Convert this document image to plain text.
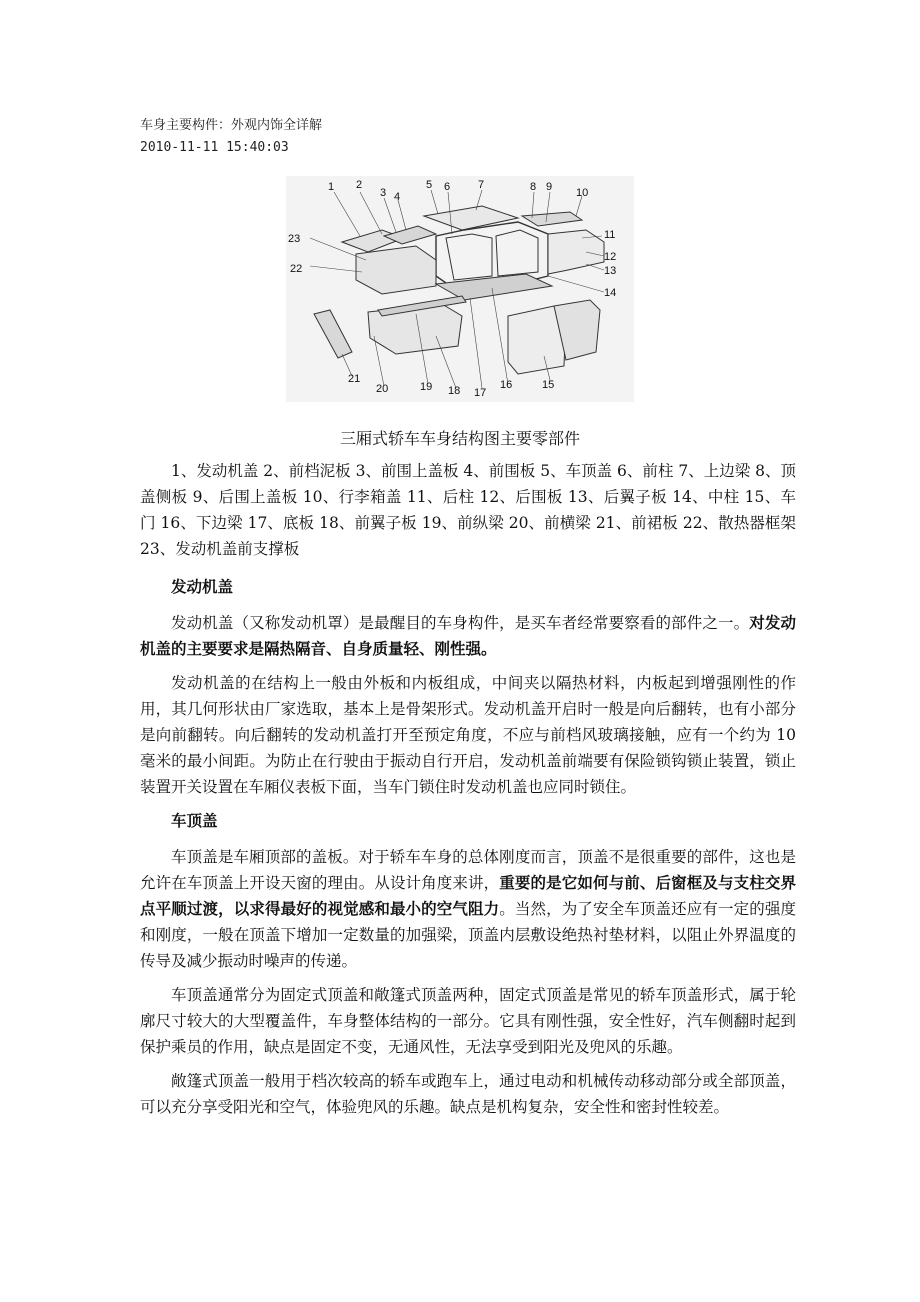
车身主要构件：外观内饰全详解
2010-11-11 15:40:03
1 2
3 4
5 6	7	8 9 10
11
12
13
14
15
16
17
18
19
20
21
22
23
三厢式轿车车身结构图主要零部件

1、发动机盖 2、前档泥板 3、前围上盖板 4、前围板 5、车顶盖 6、前柱 7、上边梁 8、顶盖侧板 9、后围上盖板 10、行李箱盖 11、后柱 12、后围板 13、后翼子板 14、中柱 15、车门 16、下边梁 17、底板 18、前翼子板 19、前纵梁 20、前横梁 21、前裙板 22、散热器框架 23、发动机盖前支撑板

发动机盖

发动机盖（又称发动机罩）是最醒目的车身构件，是买车者经常要察看的部件之一。对发动机盖的主要要求是隔热隔音、自身质量轻、刚性强。

发动机盖的在结构上一般由外板和内板组成，中间夹以隔热材料，内板起到增强刚性的作用，其几何形状由厂家选取，基本上是骨架形式。发动机盖开启时一般是向后翻转，也有小部分是向前翻转。向后翻转的发动机盖打开至预定角度，不应与前档风玻璃接触，应有一个约为 10 毫米的最小间距。为防止在行驶由于振动自行开启，发动机盖前端要有保险锁钩锁止装置，锁止装置开关设置在车厢仪表板下面，当车门锁住时发动机盖也应同时锁住。

车顶盖

车顶盖是车厢顶部的盖板。对于轿车车身的总体刚度而言，顶盖不是很重要的部件，这也是允许在车顶盖上开设天窗的理由。从设计角度来讲，重要的是它如何与前、后窗框及与支柱交界点平顺过渡，以求得最好的视觉感和最小的空气阻力。当然，为了安全车顶盖还应有一定的强度和刚度，一般在顶盖下增加一定数量的加强梁，顶盖内层敷设绝热衬垫材料，以阻止外界温度的传导及减少振动时噪声的传递。

车顶盖通常分为固定式顶盖和敞篷式顶盖两种，固定式顶盖是常见的轿车顶盖形式，属于轮廓尺寸较大的大型覆盖件，车身整体结构的一部分。它具有刚性强，安全性好，汽车侧翻时起到保护乘员的作用，缺点是固定不变，无通风性，无法享受到阳光及兜风的乐趣。

敞篷式顶盖一般用于档次较高的轿车或跑车上，通过电动和机械传动移动部分或全部顶盖，可以充分享受阳光和空气，体验兜风的乐趣。缺点是机构复杂，安全性和密封性较差。
